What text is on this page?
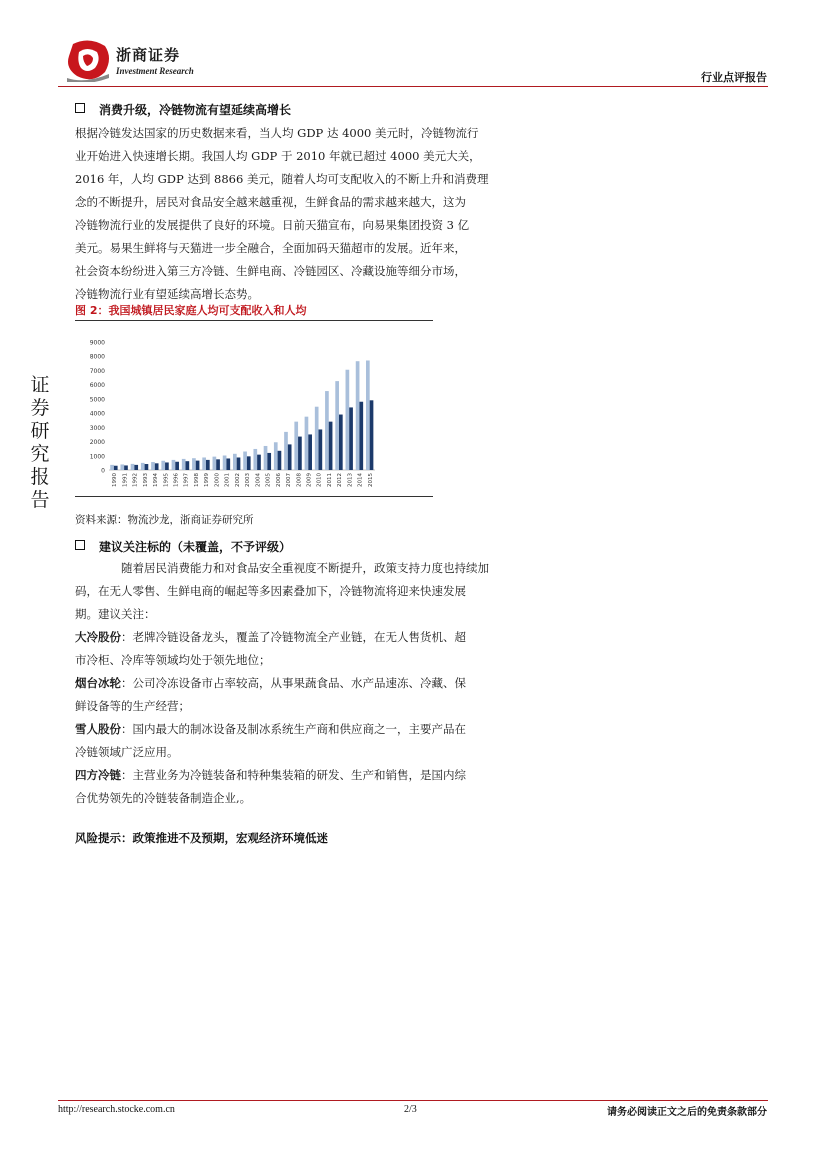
浙商证券
Investment Research	行业点评报告
证
券
研
究
报
告
消费升级，冷链物流有望延续高增长
根据冷链发达国家的历史数据来看，当人均 GDP 达 4000 美元时，冷链物流行
业开始进入快速增长期。我国人均 GDP 于 2010 年就已超过 4000 美元大关，
2016 年，人均 GDP 达到 8866 美元，随着人均可支配收入的不断上升和消费理
念的不断提升，居民对食品安全越来越重视，生鲜食品的需求越来越大，这为
冷链物流行业的发展提供了良好的环境。日前天猫宣布，向易果集团投资 3 亿
美元。易果生鲜将与天猫进一步全融合，全面加码天猫超市的发展。近年来，
社会资本纷纷进入第三方冷链、生鲜电商、冷链园区、冷藏设施等细分市场，
冷链物流行业有望延续高增长态势。
图 2：我国城镇居民家庭人均可支配收入和人均
0
1000
2000
3000
4000
5000
6000
7000
8000
9000
1990 1991 1992 1993 1994 1995 1996 1997 1998 1999 2000 2001 2002 2003 2004 2005 2006 2007 2008 2009 2010 2011 2012 2013 2014 2015
资料来源：物流沙龙，浙商证券研究所
建议关注标的（未覆盖，不予评级）
随着居民消费能力和对食品安全重视度不断提升，政策支持力度也持续加
码，在无人零售、生鲜电商的崛起等多因素叠加下，冷链物流将迎来快速发展
期。建议关注：
大冷股份：老牌冷链设备龙头，覆盖了冷链物流全产业链，在无人售货机、超
市冷柜、冷库等领域均处于领先地位；
烟台冰轮：公司冷冻设备市占率较高，从事果蔬食品、水产品速冻、冷藏、保
鲜设备等的生产经营；
雪人股份：国内最大的制冰设备及制冰系统生产商和供应商之一，主要产品在
冷链领域广泛应用。
四方冷链：主营业务为冷链装备和特种集装箱的研发、生产和销售，是国内综
合优势领先的冷链装备制造企业,。
风险提示：政策推进不及预期，宏观经济环境低迷
http://research.stocke.com.cn	2/3	请务必阅读正文之后的免责条款部分
